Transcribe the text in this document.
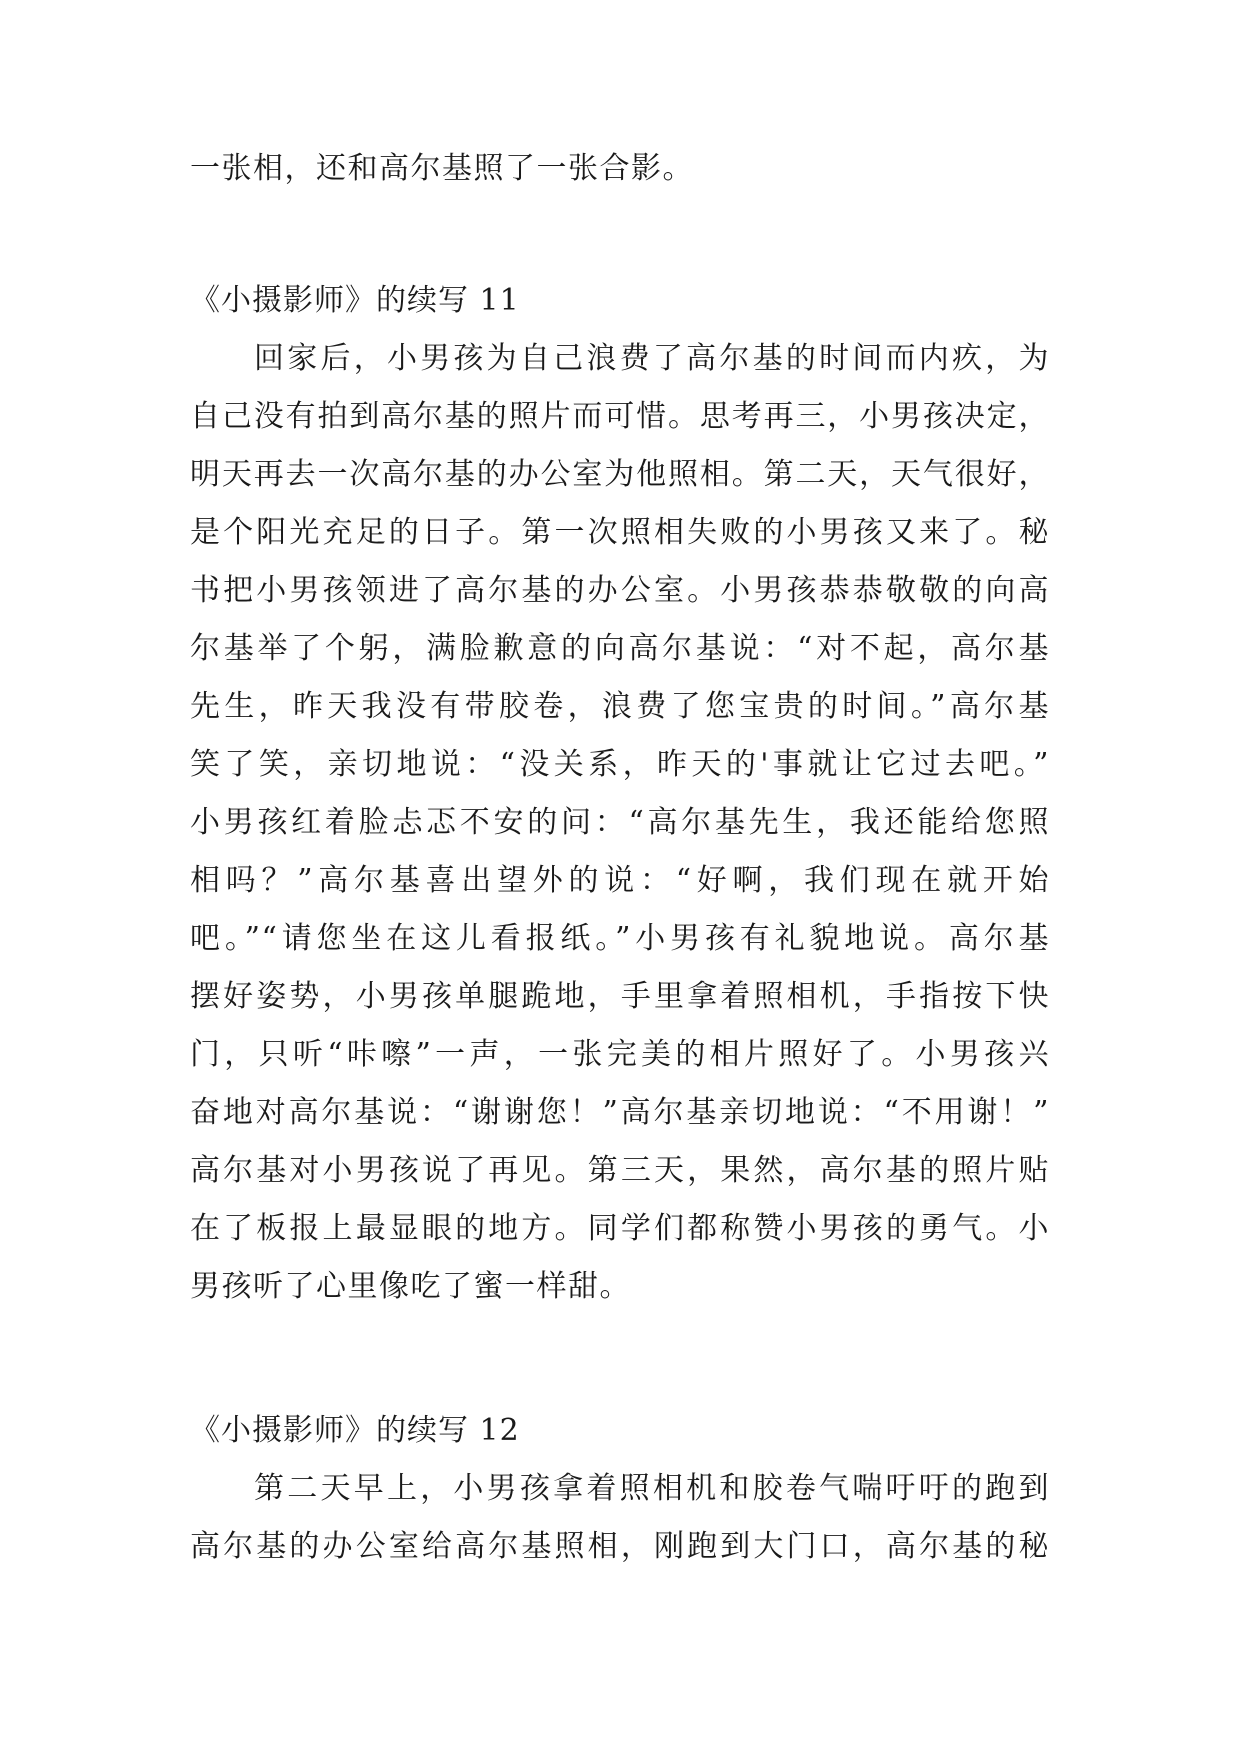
一张相，还和高尔基照了一张合影。
《小摄影师》的续写 11
回家后，小男孩为自己浪费了高尔基的时间而内疚，为
自己没有拍到高尔基的照片而可惜。思考再三，小男孩决定，
明天再去一次高尔基的办公室为他照相。第二天，天气很好，
是个阳光充足的日子。第一次照相失败的小男孩又来了。秘
书把小男孩领进了高尔基的办公室。小男孩恭恭敬敬的向高
尔基举了个躬，满脸歉意的向高尔基说：“对不起，高尔基
先生，昨天我没有带胶卷，浪费了您宝贵的时间。”高尔基
笑了笑，亲切地说：“没关系，昨天的'事就让它过去吧。”
小男孩红着脸忐忑不安的问：“高尔基先生，我还能给您照
相吗？”高尔基喜出望外的说：“好啊，我们现在就开始
吧。”“请您坐在这儿看报纸。”小男孩有礼貌地说。高尔基
摆好姿势，小男孩单腿跪地，手里拿着照相机，手指按下快
门，只听“咔嚓”一声，一张完美的相片照好了。小男孩兴
奋地对高尔基说：“谢谢您！”高尔基亲切地说：“不用谢！”
高尔基对小男孩说了再见。第三天，果然，高尔基的照片贴
在了板报上最显眼的地方。同学们都称赞小男孩的勇气。小
男孩听了心里像吃了蜜一样甜。
《小摄影师》的续写 12
第二天早上，小男孩拿着照相机和胶卷气喘吁吁的跑到
高尔基的办公室给高尔基照相，刚跑到大门口，高尔基的秘
